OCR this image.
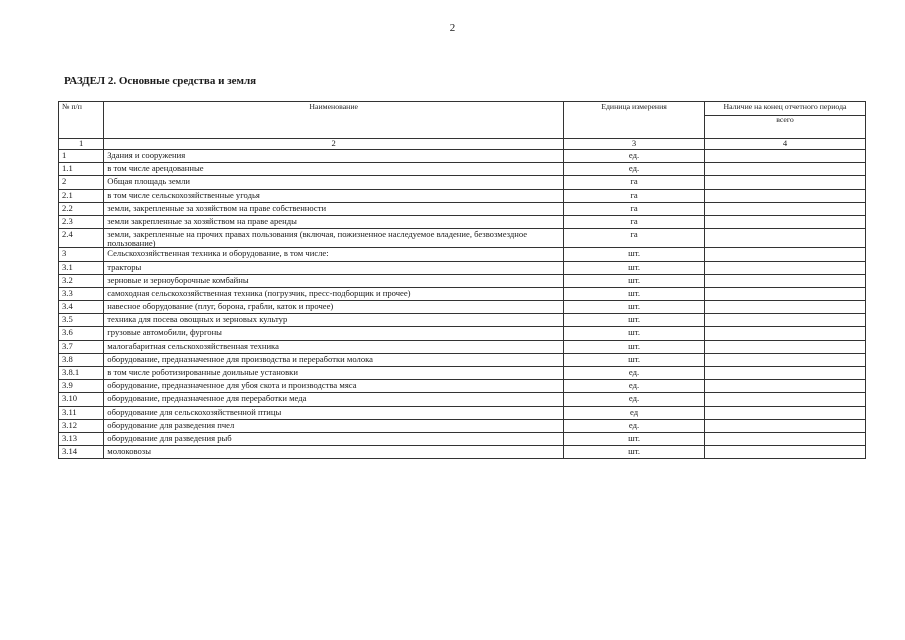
2
РАЗДЕЛ 2. Основные средства и земля
№ п/п	Наименование	Единица измерения	Наличие на конец отчетного периода
			всего
1	2	3	4
1	Здания и сооружения	ед.	
1.1	в том числе арендованные	ед.	
2	Общая площадь земли	га	
2.1	в том числе сельскохозяйственные угодья	га	
2.2	земли, закрепленные за хозяйством на праве собственности	га	
2.3	земли закрепленные за хозяйством на праве аренды	га	
2.4	земли, закрепленные на прочих правах пользования (включая, пожизненное наследуемое владение, безвозмездное пользование)	га	
3	Сельскохозяйственная техника и оборудование, в том числе:	шт.	
3.1	тракторы	шт.	
3.2	зерновые и зерноуборочные комбайны	шт.	
3.3	самоходная сельскохозяйственная техника (погрузчик, пресс-подборщик и прочее)	шт.	
3.4	навесное оборудование (плуг, борона, грабли, каток и прочее)	шт.	
3.5	техника для посева овощных и зерновых культур	шт.	
3.6	грузовые автомобили, фургоны	шт.	
3.7	малогабаритная сельскохозяйственная техника	шт.	
3.8	оборудование, предназначенное для производства и переработки молока	шт.	
3.8.1	в том числе роботизированные доильные установки	ед.	
3.9	оборудование, предназначенное для убоя скота и производства мяса	ед.	
3.10	оборудование, предназначенное для переработки меда	ед.	
3.11	оборудование для сельскохозяйственной птицы	ед	
3.12	оборудование для разведения пчел	ед.	
3.13	оборудование для разведения рыб	шт.	
3.14	молоковозы	шт.	
